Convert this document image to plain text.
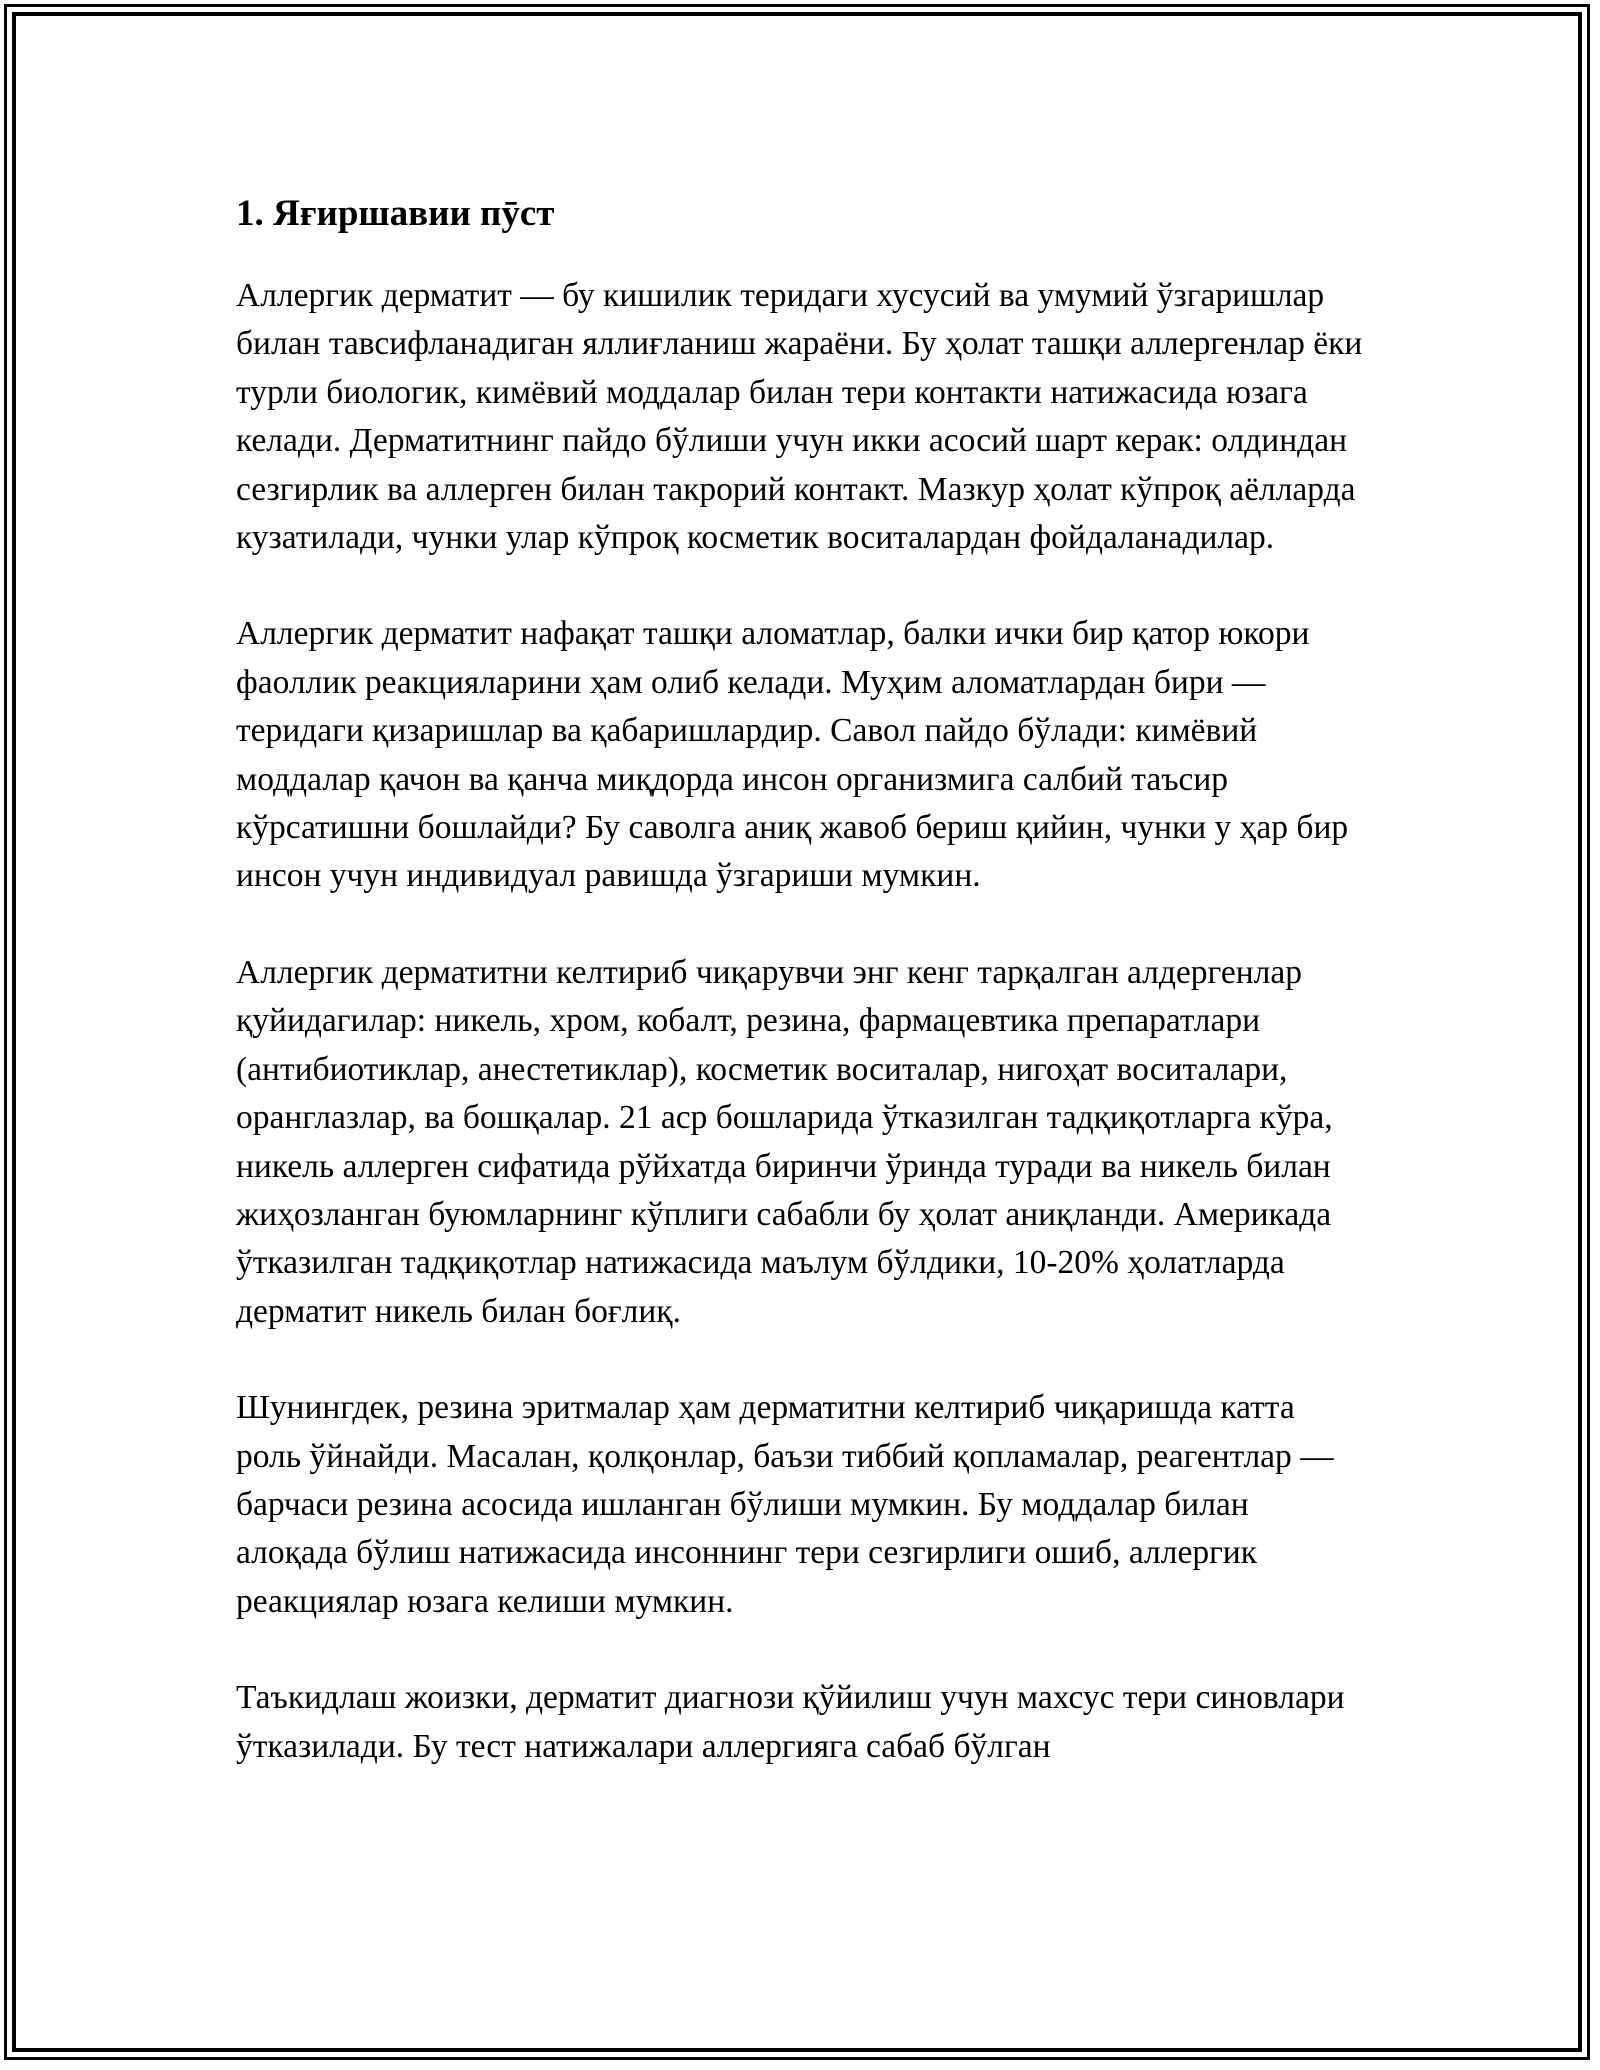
1. Яғиршавии пӯст

Аллергик дерматит — бу кишилик теридаги хусусий ва умумий ўзгаришлар билан тавсифланадиган яллиғланиш жараёни. Бу ҳолат ташқи аллергенлар ёки турли биологик, кимёвий моддалар билан тери контакти натижасида юзага келади. Дерматитнинг пайдо бўлиши учун икки асосий шарт керак: олдиндан сезгирлик ва аллерген билан такрорий контакт. Мазкур ҳолат кўпроқ аёлларда кузатилади, чунки улар кўпроқ косметик воситалардан фойдаланадилар.

Аллергик дерматит нафақат ташқи аломатлар, балки ички бир қатор юкори фаоллик реакцияларини ҳам олиб келади. Муҳим аломатлардан бири — теридаги қизаришлар ва қабаришлардир. Савол пайдо бўлади: кимёвий моддалар қачон ва қанча миқдорда инсон организмига салбий таъсир кўрсатишни бошлайди? Бу саволга аниқ жавоб бериш қийин, чунки у ҳар бир инсон учун индивидуал равишда ўзгариши мумкин.

Аллергик дерматитни келтириб чиқарувчи энг кенг тарқалган алдергенлар қуйидагилар: никель, хром, кобалт, резина, фармацевтика препаратлари (антибиотиклар, анестетиклар), косметик воситалар, нигоҳат воситалари, оранглазлар, ва бошқалар. 21 аср бошларида ўтказилган тадқиқотларга кўра, никель аллерген сифатида рўйхатда биринчи ўринда туради ва никель билан жиҳозланган буюмларнинг кўплиги сабабли бу ҳолат аниқланди. Америкада ўтказилган тадқиқотлар натижасида маълум бўлдики, 10-20% ҳолатларда дерматит никель билан боғлиқ.

Шунингдек, резина эритмалар ҳам дерматитни келтириб чиқаришда катта роль ўйнайди. Масалан, қолқонлар, баъзи тиббий қопламалар, реагентлар — барчаси резина асосида ишланган бўлиши мумкин. Бу моддалар билан алоқада бўлиш натижасида инсоннинг тери сезгирлиги ошиб, аллергик реакциялар юзага келиши мумкин.

Таъкидлаш жоизки, дерматит диагнози қўйилиш учун махсус тери синовлари ўтказилади. Бу тест натижалари аллергияга сабаб бўлган
